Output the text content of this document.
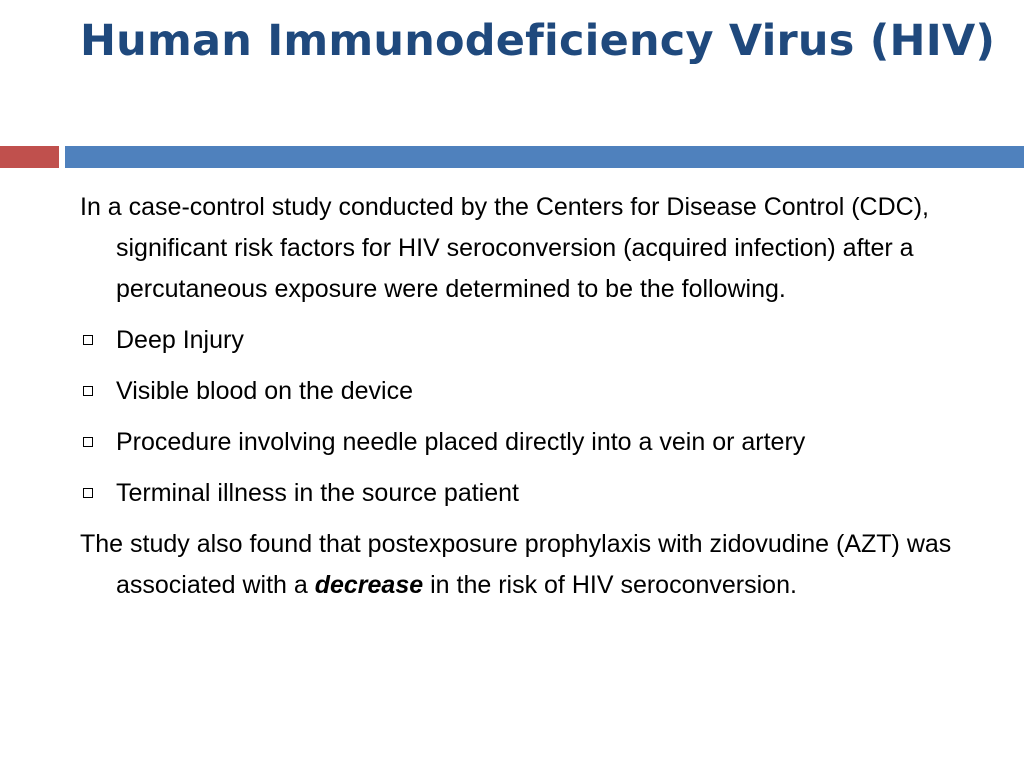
Human Immunodeficiency Virus (HIV)

In a case-control study conducted by the Centers for Disease Control (CDC), significant risk factors for HIV seroconversion (acquired infection) after a percutaneous exposure were determined to be the following.

Deep Injury
Visible blood on the device
Procedure involving needle placed directly into a vein or artery
Terminal illness in the source patient

The study also found that postexposure prophylaxis with zidovudine (AZT) was associated with a decrease in the risk of HIV seroconversion.
